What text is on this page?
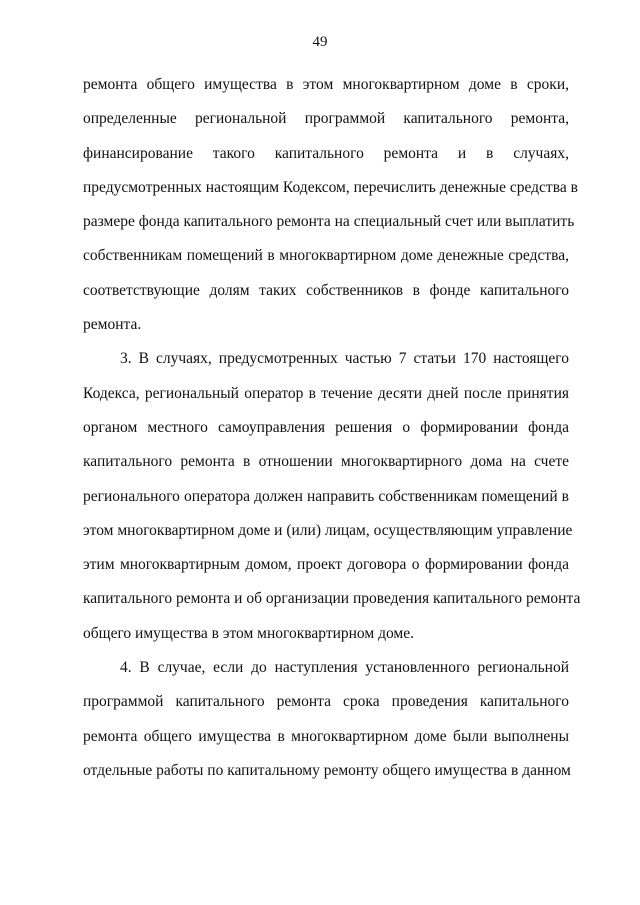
49
ремонта общего имущества в этом многоквартирном доме в сроки,
определенные региональной программой капитального ремонта,
финансирование такого капитального ремонта и в случаях,
предусмотренных настоящим Кодексом, перечислить денежные средства в
размере фонда капитального ремонта на специальный счет или выплатить
собственникам помещений в многоквартирном доме денежные средства,
соответствующие долям таких собственников в фонде капитального
ремонта.
3. В случаях, предусмотренных частью 7 статьи 170 настоящего
Кодекса, региональный оператор в течение десяти дней после принятия
органом местного самоуправления решения о формировании фонда
капитального ремонта в отношении многоквартирного дома на счете
регионального оператора должен направить собственникам помещений в
этом многоквартирном доме и (или) лицам, осуществляющим управление
этим многоквартирным домом, проект договора о формировании фонда
капитального ремонта и об организации проведения капитального ремонта
общего имущества в этом многоквартирном доме.
4. В случае, если до наступления установленного региональной
программой капитального ремонта срока проведения капитального
ремонта общего имущества в многоквартирном доме были выполнены
отдельные работы по капитальному ремонту общего имущества в данном
